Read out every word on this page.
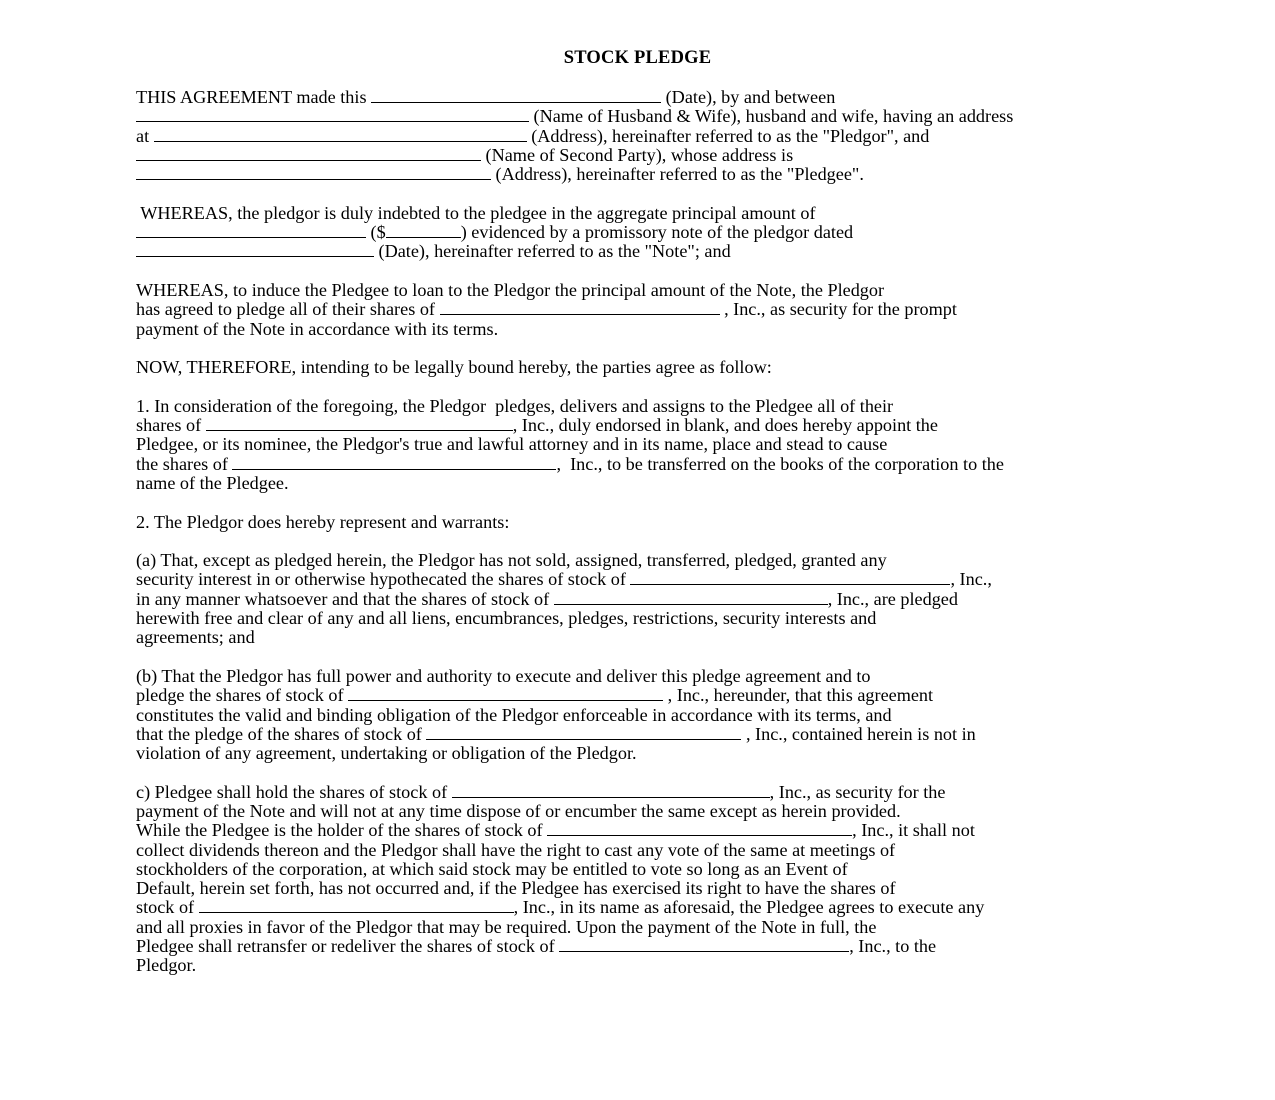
STOCK PLEDGE
THIS AGREEMENT made this	(Date), by and between
(Name of Husband & Wife), husband and wife, having an address
at	(Address), hereinafter referred to as the "Pledgor", and
(Name of Second Party), whose address is
(Address), hereinafter referred to as the "Pledgee".
WHEREAS, the pledgor is duly indebted to the pledgee in the aggregate principal amount of
($	) evidenced by a promissory note of the pledgor dated
(Date), hereinafter referred to as the "Note"; and
WHEREAS, to induce the Pledgee to loan to the Pledgor the principal amount of the Note, the Pledgor
has agreed to pledge all of their shares of	, Inc., as security for the prompt
payment of the Note in accordance with its terms.
NOW, THEREFORE, intending to be legally bound hereby, the parties agree as follow:
1. In consideration of the foregoing, the Pledgor  pledges, delivers and assigns to the Pledgee all of their
shares of	, Inc., duly endorsed in blank, and does hereby appoint the
Pledgee, or its nominee, the Pledgor's true and lawful attorney and in its name, place and stead to cause
the shares of	,  Inc., to be transferred on the books of the corporation to the
name of the Pledgee.
2. The Pledgor does hereby represent and warrants:
(a) That, except as pledged herein, the Pledgor has not sold, assigned, transferred, pledged, granted any
security interest in or otherwise hypothecated the shares of stock of	, Inc.,
in any manner whatsoever and that the shares of stock of	, Inc., are pledged
herewith free and clear of any and all liens, encumbrances, pledges, restrictions, security interests and
agreements; and
(b) That the Pledgor has full power and authority to execute and deliver this pledge agreement and to
pledge the shares of stock of	, Inc., hereunder, that this agreement
constitutes the valid and binding obligation of the Pledgor enforceable in accordance with its terms, and
that the pledge of the shares of stock of	, Inc., contained herein is not in
violation of any agreement, undertaking or obligation of the Pledgor.
c) Pledgee shall hold the shares of stock of	, Inc., as security for the
payment of the Note and will not at any time dispose of or encumber the same except as herein provided.
While the Pledgee is the holder of the shares of stock of	, Inc., it shall not
collect dividends thereon and the Pledgor shall have the right to cast any vote of the same at meetings of
stockholders of the corporation, at which said stock may be entitled to vote so long as an Event of
Default, herein set forth, has not occurred and, if the Pledgee has exercised its right to have the shares of
stock of	, Inc., in its name as aforesaid, the Pledgee agrees to execute any
and all proxies in favor of the Pledgor that may be required. Upon the payment of the Note in full, the
Pledgee shall retransfer or redeliver the shares of stock of	, Inc., to the
Pledgor.
